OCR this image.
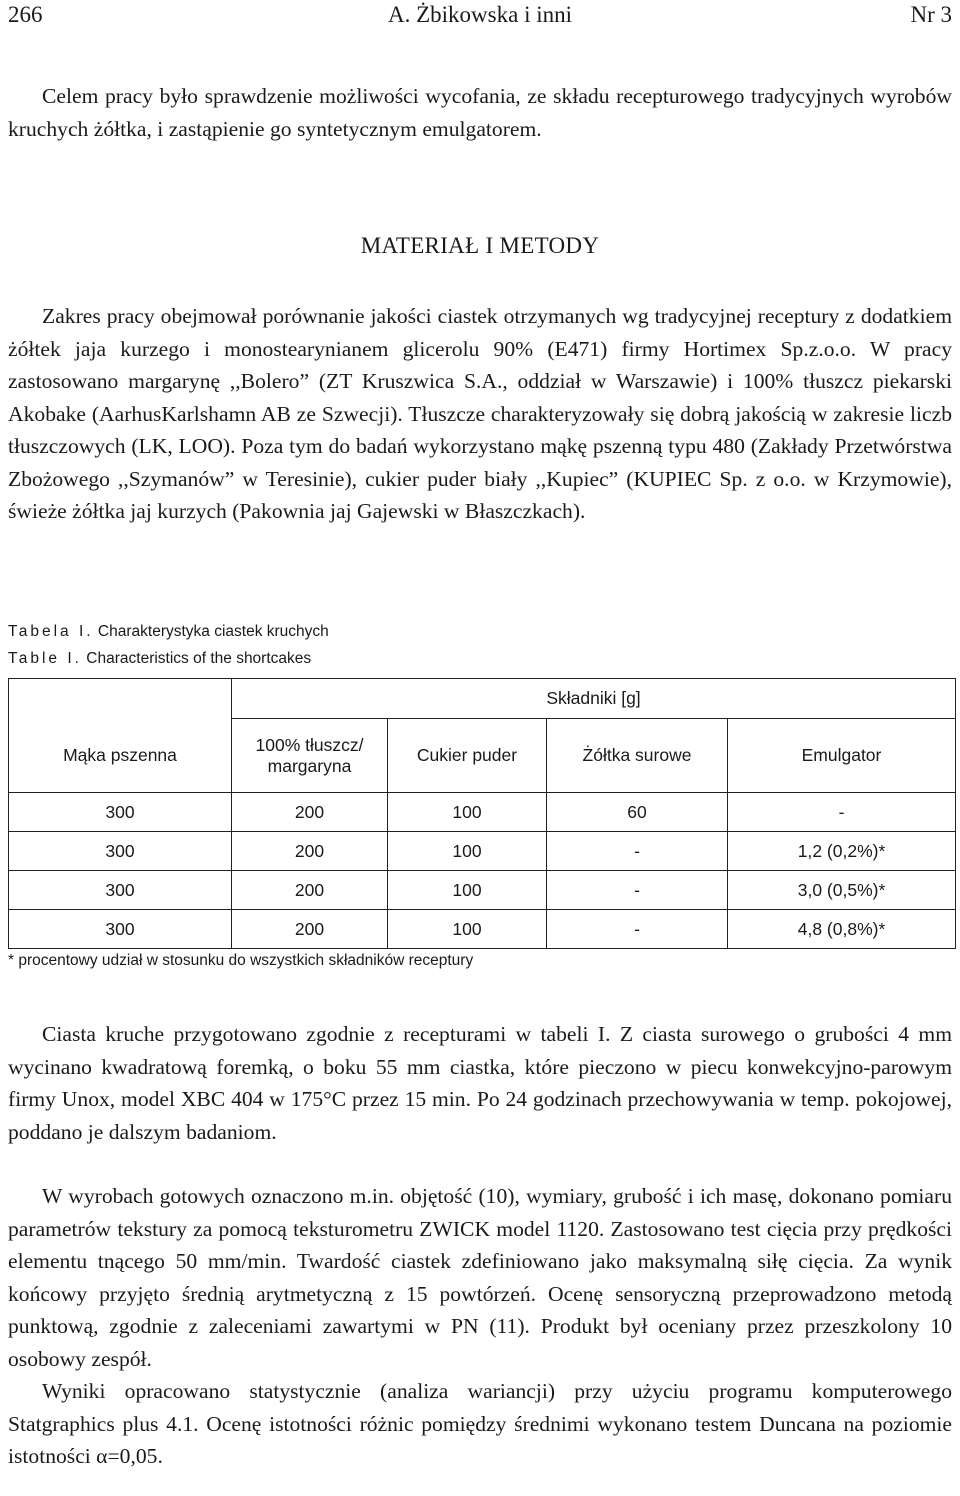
266	A. Żbikowska i inni	Nr 3

Celem pracy było sprawdzenie możliwości wycofania, ze składu recepturowego tradycyjnych wyrobów kruchych żółtka, i zastąpienie go syntetycznym emulgatorem.

MATERIAŁ I METODY

Zakres pracy obejmował porównanie jakości ciastek otrzymanych wg tradycyjnej receptury z dodatkiem żółtek jaja kurzego i monostearynianem glicerolu 90% (E471) firmy Hortimex Sp.z.o.o. W pracy zastosowano margarynę ,,Bolero” (ZT Kruszwica S.A., oddział w Warszawie) i 100% tłuszcz piekarski Akobake (AarhusKarlshamn AB ze Szwecji). Tłuszcze charakteryzowały się dobrą jakością w zakresie liczb tłuszczowych (LK, LOO). Poza tym do badań wykorzystano mąkę pszenną typu 480 (Zakłady Przetwórstwa Zbożowego ,,Szymanów” w Teresinie), cukier puder biały ,,Kupiec” (KUPIEC Sp. z o.o. w Krzymowie), świeże żółtka jaj kurzych (Pakownia jaj Gajewski w Błaszczkach).

Tabela I. Charakterystyka ciastek kruchych
Table I. Characteristics of the shortcakes
	Składniki [g]			
Mąka pszenna	100% tłuszcz/ margaryna	Cukier puder	Żółtka surowe	Emulgator
300	200	100	60	-
300	200	100	-	1,2 (0,2%)*
300	200	100	-	3,0 (0,5%)*
300	200	100	-	4,8 (0,8%)*
* procentowy udział w stosunku do wszystkich składników receptury

Ciasta kruche przygotowano zgodnie z recepturami w tabeli I. Z ciasta surowego o grubości 4 mm wycinano kwadratową foremką, o boku 55 mm ciastka, które pieczono w piecu konwekcyjno-parowym firmy Unox, model XBC 404 w 175°C przez 15 min. Po 24 godzinach przechowywania w temp. pokojowej, poddano je dalszym badaniom.

W wyrobach gotowych oznaczono m.in. objętość (10), wymiary, grubość i ich masę, dokonano pomiaru parametrów tekstury za pomocą teksturometru ZWICK model 1120. Zastosowano test cięcia przy prędkości elementu tnącego 50 mm/min. Twardość ciastek zdefiniowano jako maksymalną siłę cięcia. Za wynik końcowy przyjęto średnią arytmetyczną z 15 powtórzeń. Ocenę sensoryczną przeprowadzono metodą punktową, zgodnie z zaleceniami zawartymi w PN (11). Produkt był oceniany przez przeszkolony 10 osobowy zespół.

Wyniki opracowano statystycznie (analiza wariancji) przy użyciu programu komputerowego Statgraphics plus 4.1. Ocenę istotności różnic pomiędzy średnimi wykonano testem Duncana na poziomie istotności α=0,05.
